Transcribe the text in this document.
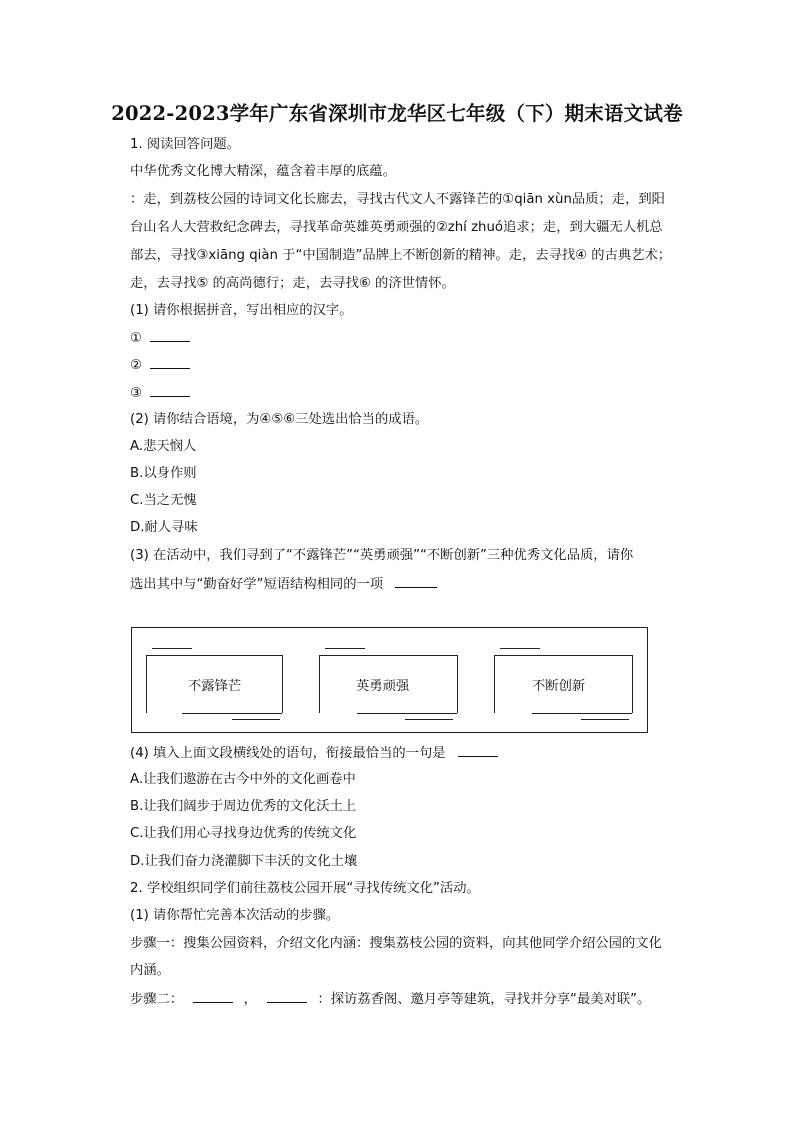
2022-2023学年广东省深圳市龙华区七年级（下）期末语文试卷
1. 阅读回答问题。
中华优秀文化博大精深，蕴含着丰厚的底蕴。
：走，到荔枝公园的诗词文化长廊去，寻找古代文人不露锋芒的①qiān xùn品质；走，到阳
台山名人大营救纪念碑去，寻找革命英雄英勇顽强的②zhí zhuó追求；走，到大疆无人机总
部去，寻找③xiāng qiàn 于“中国制造”品牌上不断创新的精神。走，去寻找④ 的古典艺术；
走，去寻找⑤ 的高尚德行；走，去寻找⑥ 的济世情怀。
(1) 请你根据拼音，写出相应的汉字。
①
②
③
(2) 请你结合语境，为④⑤⑥三处选出恰当的成语。
A.悲天悯人
B.以身作则
C.当之无愧
D.耐人寻味
(3) 在活动中，我们寻到了“不露锋芒”“英勇顽强”“不断创新”三种优秀文化品质，请你
选出其中与“勤奋好学”短语结构相同的一项
不露锋芒	英勇顽强	不断创新
(4) 填入上面文段横线处的语句，衔接最恰当的一句是
A.让我们遨游在古今中外的文化画卷中
B.让我们阔步于周边优秀的文化沃土上
C.让我们用心寻找身边优秀的传统文化
D.让我们奋力浇灌脚下丰沃的文化土壤
2. 学校组织同学们前往荔枝公园开展“寻找传统文化”活动。
(1) 请你帮忙完善本次活动的步骤。
步骤一：搜集公园资料，介绍文化内涵：搜集荔枝公园的资料，向其他同学介绍公园的文化
内涵。
步骤二：	，	：探访荔香阁、邀月亭等建筑，寻找并分享“最美对联”。
